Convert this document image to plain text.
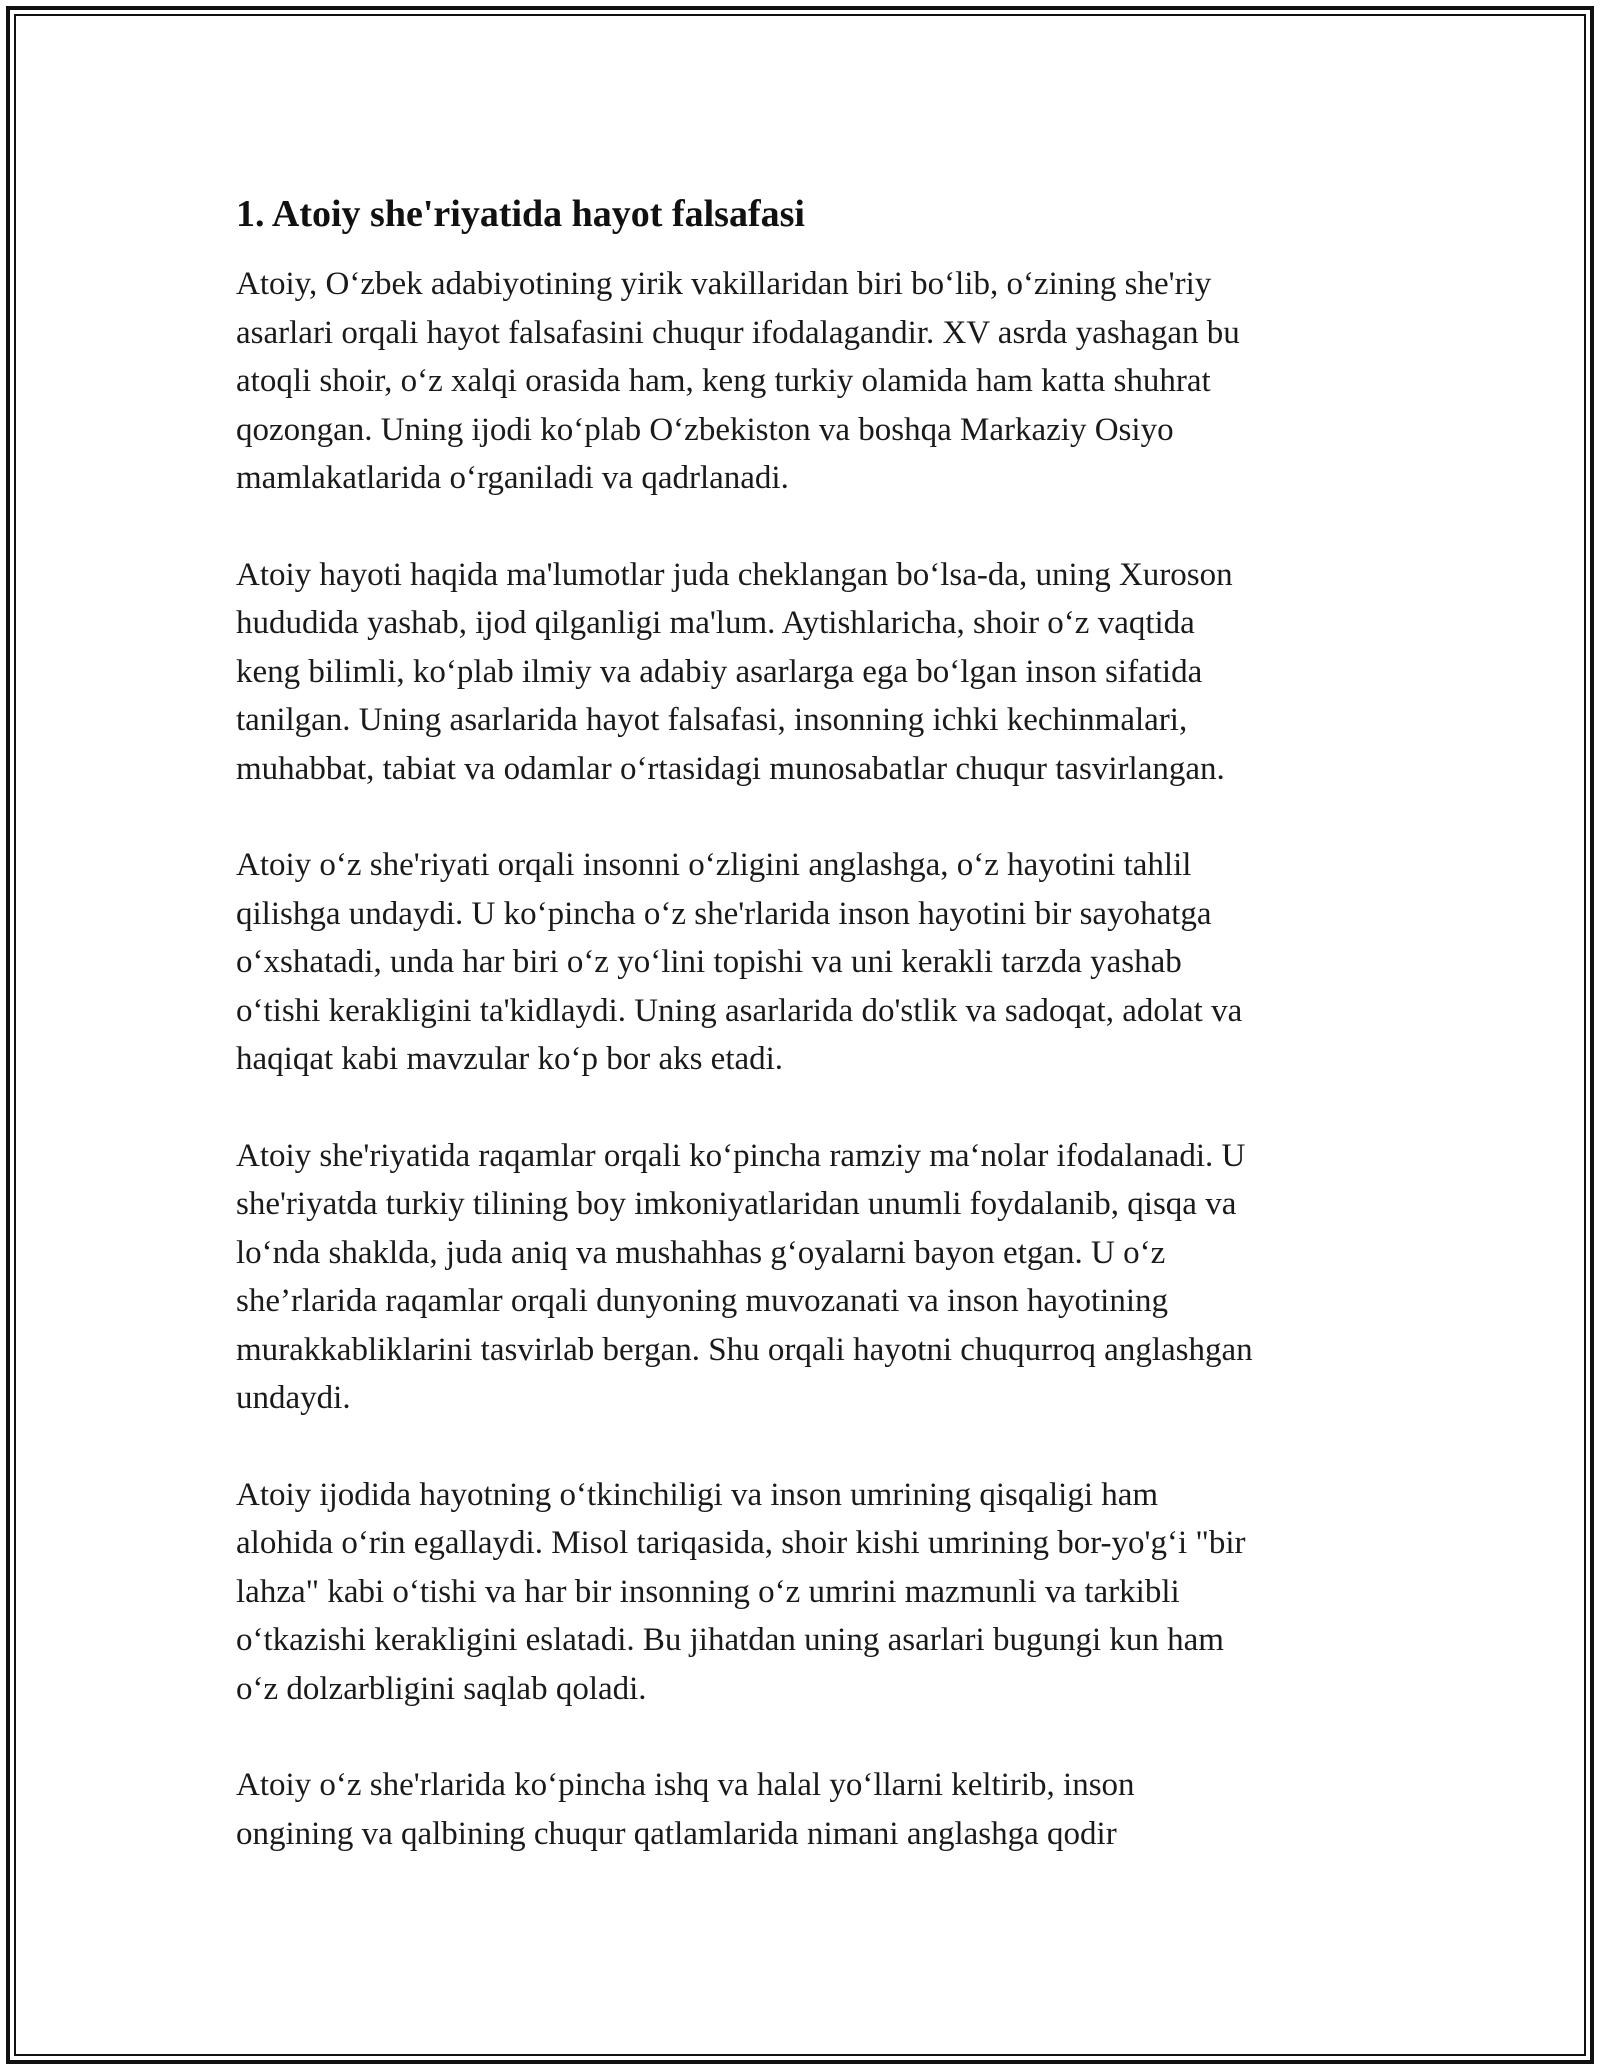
1. Atoiy she'riyatida hayot falsafasi

Atoiy, O‘zbek adabiyotining yirik vakillaridan biri bo‘lib, o‘zining she'riy
asarlari orqali hayot falsafasini chuqur ifodalagandir. XV asrda yashagan bu
atoqli shoir, o‘z xalqi orasida ham, keng turkiy olamida ham katta shuhrat
qozongan. Uning ijodi ko‘plab O‘zbekiston va boshqa Markaziy Osiyo
mamlakatlarida o‘rganiladi va qadrlanadi.

Atoiy hayoti haqida ma'lumotlar juda cheklangan bo‘lsa-da, uning Xuroson
hududida yashab, ijod qilganligi ma'lum. Aytishlaricha, shoir o‘z vaqtida
keng bilimli, ko‘plab ilmiy va adabiy asarlarga ega bo‘lgan inson sifatida
tanilgan. Uning asarlarida hayot falsafasi, insonning ichki kechinmalari,
muhabbat, tabiat va odamlar o‘rtasidagi munosabatlar chuqur tasvirlangan.

Atoiy o‘z she'riyati orqali insonni o‘zligini anglashga, o‘z hayotini tahlil
qilishga undaydi. U ko‘pincha o‘z she'rlarida inson hayotini bir sayohatga
o‘xshatadi, unda har biri o‘z yo‘lini topishi va uni kerakli tarzda yashab
o‘tishi kerakligini ta'kidlaydi. Uning asarlarida do'stlik va sadoqat, adolat va
haqiqat kabi mavzular ko‘p bor aks etadi.

Atoiy she'riyatida raqamlar orqali ko‘pincha ramziy ma‘nolar ifodalanadi. U
she'riyatda turkiy tilining boy imkoniyatlaridan unumli foydalanib, qisqa va
lo‘nda shaklda, juda aniq va mushahhas g‘oyalarni bayon etgan. U o‘z
she’rlarida raqamlar orqali dunyoning muvozanati va inson hayotining
murakkabliklarini tasvirlab bergan. Shu orqali hayotni chuqurroq anglashgan
undaydi.

Atoiy ijodida hayotning o‘tkinchiligi va inson umrining qisqaligi ham
alohida o‘rin egallaydi. Misol tariqasida, shoir kishi umrining bor-yo'g‘i "bir
lahza" kabi o‘tishi va har bir insonning o‘z umrini mazmunli va tarkibli
o‘tkazishi kerakligini eslatadi. Bu jihatdan uning asarlari bugungi kun ham
o‘z dolzarbligini saqlab qoladi.

Atoiy o‘z she'rlarida ko‘pincha ishq va halal yo‘llarni keltirib, inson
ongining va qalbining chuqur qatlamlarida nimani anglashga qodir
